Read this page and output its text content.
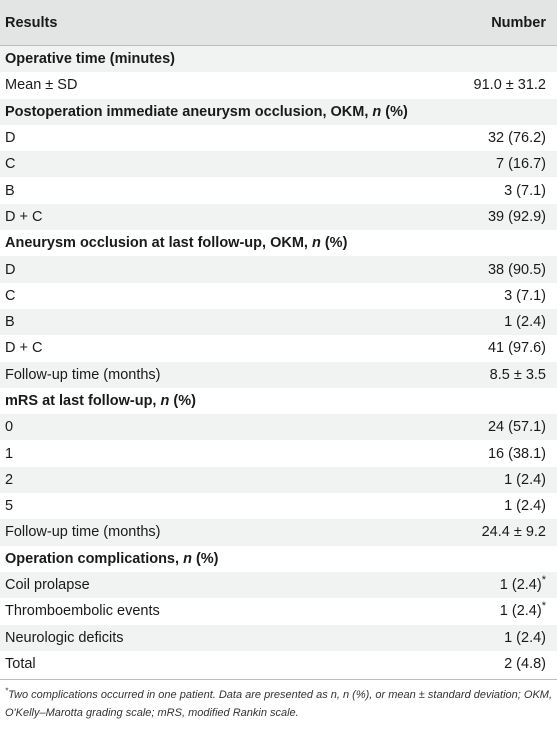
Results	Number
Operative time (minutes)
Mean ± SD	91.0 ± 31.2
Postoperation immediate aneurysm occlusion, OKM, n (%)
D	32 (76.2)
C	7 (16.7)
B	3 (7.1)
D + C	39 (92.9)
Aneurysm occlusion at last follow-up, OKM, n (%)
D	38 (90.5)
C	3 (7.1)
B	1 (2.4)
D + C	41 (97.6)
Follow-up time (months)	8.5 ± 3.5
mRS at last follow-up, n (%)
0	24 (57.1)
1	16 (38.1)
2	1 (2.4)
5	1 (2.4)
Follow-up time (months)	24.4 ± 9.2
Operation complications, n (%)
Coil prolapse	1 (2.4)*
Thromboembolic events	1 (2.4)*
Neurologic deficits	1 (2.4)
Total	2 (4.8)
*Two complications occurred in one patient. Data are presented as n, n (%), or mean ± standard deviation; OKM, O'Kelly–Marotta grading scale; mRS, modified Rankin scale.
